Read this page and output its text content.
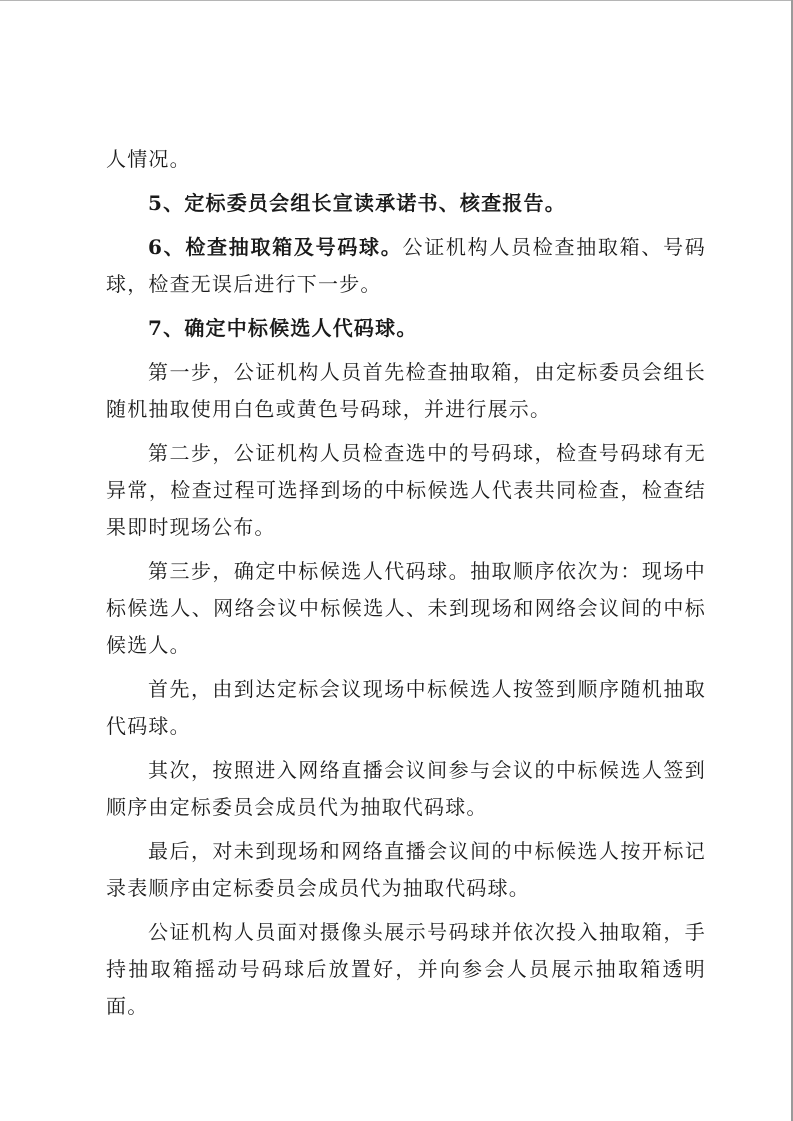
人情况。

5、定标委员会组长宣读承诺书、核查报告。

6、检查抽取箱及号码球。公证机构人员检查抽取箱、号码球，检查无误后进行下一步。

7、确定中标候选人代码球。

第一步，公证机构人员首先检查抽取箱，由定标委员会组长随机抽取使用白色或黄色号码球，并进行展示。

第二步，公证机构人员检查选中的号码球，检查号码球有无异常，检查过程可选择到场的中标候选人代表共同检查，检查结果即时现场公布。

第三步，确定中标候选人代码球。抽取顺序依次为：现场中标候选人、网络会议中标候选人、未到现场和网络会议间的中标候选人。

首先，由到达定标会议现场中标候选人按签到顺序随机抽取代码球。

其次，按照进入网络直播会议间参与会议的中标候选人签到顺序由定标委员会成员代为抽取代码球。

最后，对未到现场和网络直播会议间的中标候选人按开标记录表顺序由定标委员会成员代为抽取代码球。

公证机构人员面对摄像头展示号码球并依次投入抽取箱，手持抽取箱摇动号码球后放置好，并向参会人员展示抽取箱透明面。
